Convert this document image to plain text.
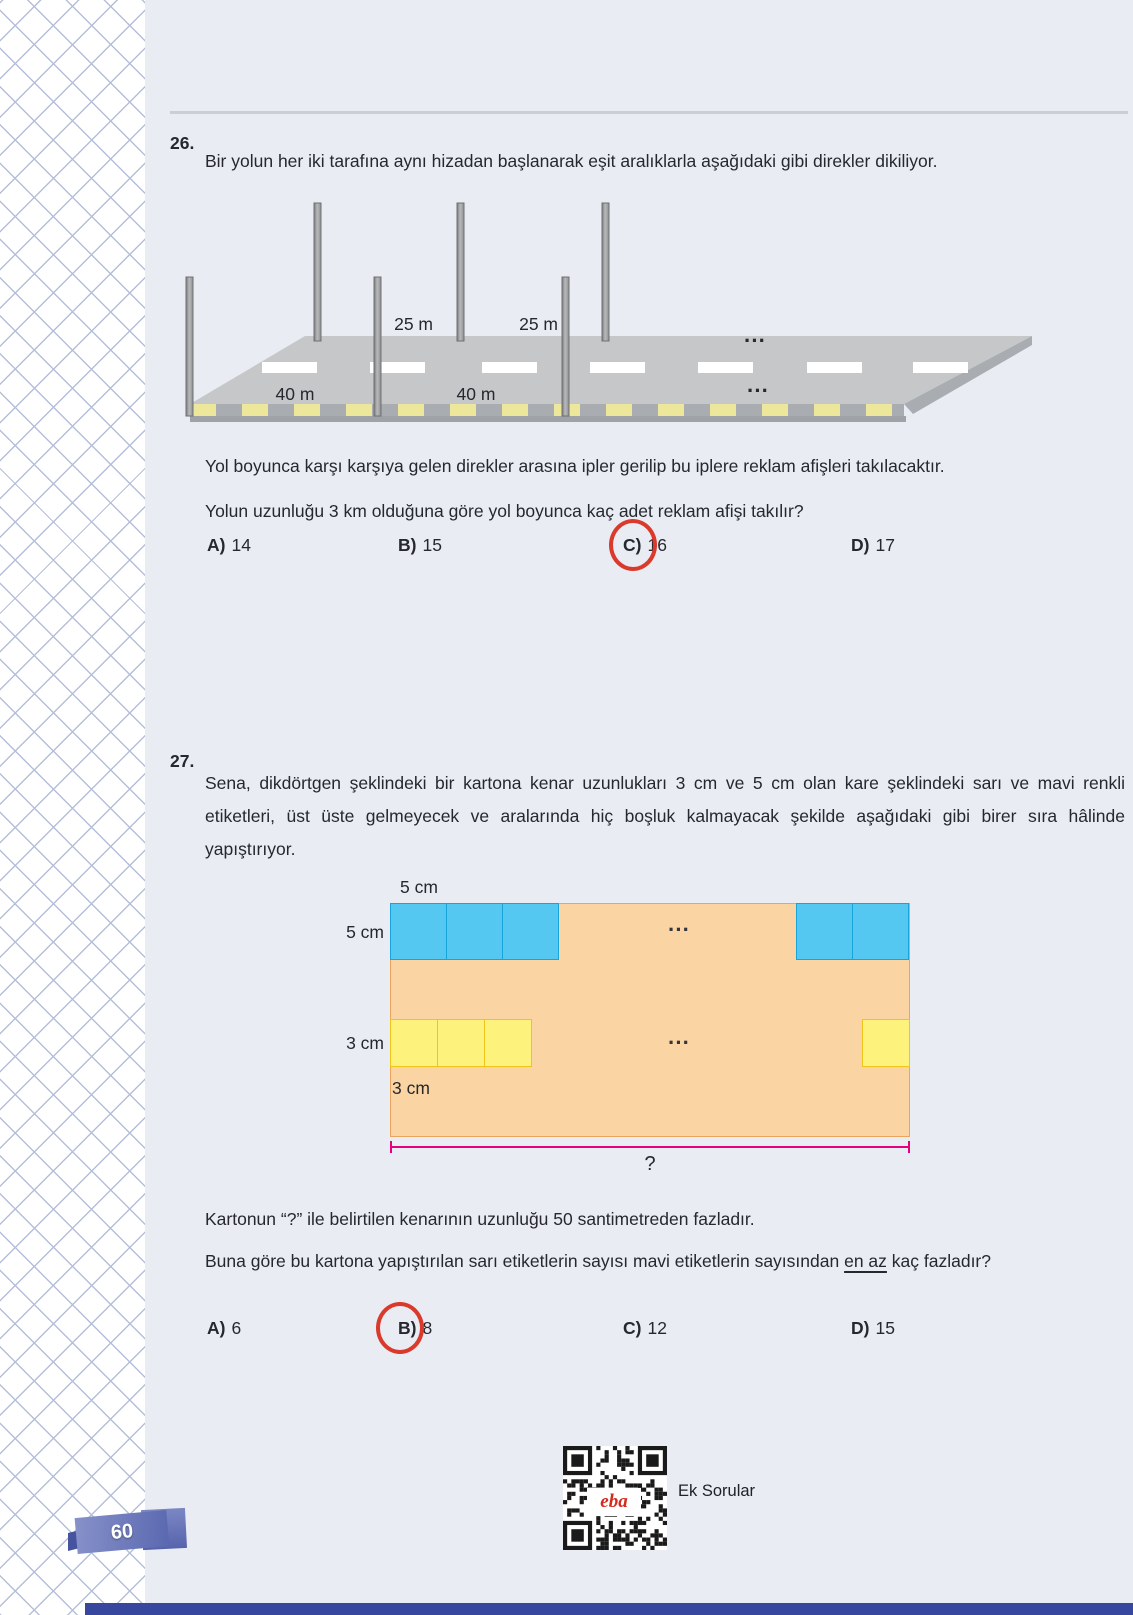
26.

Bir yolun her iki tarafına aynı hizadan başlanarak eşit aralıklarla aşağıdaki gibi direkler dikiliyor.

25 m	25 m
40 m	40 m
···
···

Yol boyunca karşı karşıya gelen direkler arasına ipler gerilip bu iplere reklam afişleri takılacaktır.

Yolun uzunluğu 3 km olduğuna göre yol boyunca kaç adet reklam afişi takılır?

A) 14	B) 15	C) 16	D) 17
27.

Sena, dikdörtgen şeklindeki bir kartona kenar uzunlukları 3 cm ve 5 cm olan kare şeklindeki sarı ve mavi renkli etiketleri, üst üste gelmeyecek ve aralarında hiç boşluk kalmayacak şekilde aşağıdaki gibi birer sıra hâlinde yapıştırıyor.

···
···
5 cm
5 cm
3 cm
3 cm
?

Kartonun “?” ile belirtilen kenarının uzunluğu 50 santimetreden fazladır.

Buna göre bu kartona yapıştırılan sarı etiketlerin sayısı mavi etiketlerin sayısından en az kaç fazladır?

A) 6	B) 8	C) 12	D) 15
eba	Ek Sorular
60
